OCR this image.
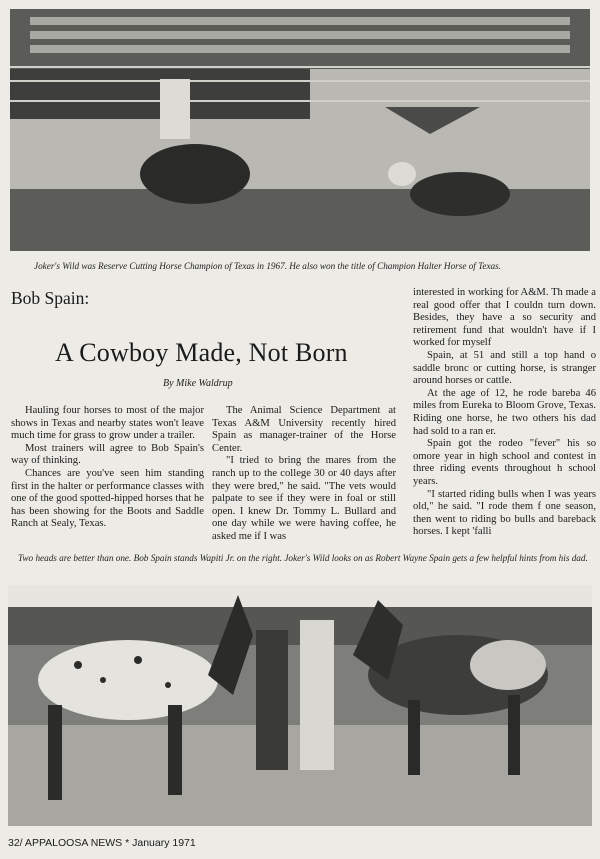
Joker's Wild was Reserve Cutting Horse Champion of Texas in 1967. He also won the title of Champion Halter Horse of Texas.
Bob Spain:
A Cowboy Made, Not Born
By Mike Waldrup

Hauling four horses to most of the major shows in Texas and nearby states won't leave much time for grass to grow under a trailer.

Most trainers will agree to Bob Spain's way of thinking.

Chances are you've seen him standing first in the halter or performance classes with one of the good spotted-hipped horses that he has been showing for the Boots and Saddle Ranch at Sealy, Texas.

The Animal Science Department at Texas A&M University recently hired Spain as manager-trainer of the Horse Center.

"I tried to bring the mares from the ranch up to the college 30 or 40 days after they were bred," he said. "The vets would palpate to see if they were in foal or still open. I knew Dr. Tommy L. Bullard and one day while we were having coffee, he asked me if I was

interested in working for A&M. Th made a real good offer that I couldn turn down. Besides, they have a so security and retirement fund that wouldn't have if I worked for myself

Spain, at 51 and still a top hand o saddle bronc or cutting horse, is stranger around horses or cattle.

At the age of 12, he rode bareba 46 miles from Eureka to Bloom Grove, Texas. Riding one horse, he two others his dad had sold to a ran er.

Spain got the rodeo "fever" his so omore year in high school and contest in three riding events throughout h school years.

"I started riding bulls when I was years old," he said. "I rode them f one season, then went to riding bo bulls and bareback horses. I kept 'falli

Two heads are better than one. Bob Spain stands Wapiti Jr. on the right. Joker's Wild looks on as Robert Wayne Spain gets a few helpful hints from his dad.
32/ APPALOOSA NEWS * January 1971
